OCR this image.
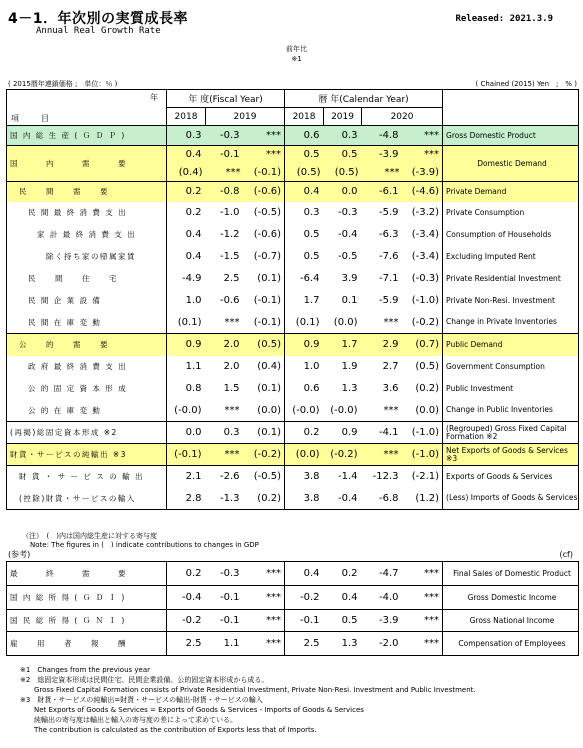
4－1．年次別の実質成長率
Annual Real Growth Rate
Released: 2021.3.9
前年比
※1
( 2015暦年連鎖価格 ;　単位：％ )	( Chained (2015) Yen　;　% )
年
項　　目	年 度(Fiscal Year)			暦 年(Calendar Year)				
	2018	2019		2018	2019	2020		
国 内 総 生 産 ( Ｇ Ｄ Ｐ )	0.3	-0.3	***	0.6	0.3	-4.8	***	Gross Domestic Product
国　　　内　　　需　　　要	0.4	-0.1	***	0.5	0.5	-3.9	***	Domestic Demand
	(0.4)	***	(-0.1)	(0.5)	(0.5)	***	(-3.9)	
民　　間　　需　　要	0.2	-0.8	(-0.6)	0.4	0.0	-6.1	(-4.6)	Private Demand
民 間 最 終 消 費 支 出	0.2	-1.0	(-0.5)	0.3	-0.3	-5.9	(-3.2)	Private Consumption
家 計 最 終 消 費 支 出	0.4	-1.2	(-0.6)	0.5	-0.4	-6.3	(-3.4)	Consumption of Households
除く持ち家の帰属家賃	0.4	-1.5	(-0.7)	0.5	-0.5	-7.6	(-3.4)	Excluding Imputed Rent
民　　間　　住　　宅	-4.9	2.5	(0.1)	-6.4	3.9	-7.1	(-0.3)	Private Residential Investment
民 間 企 業 設 備	1.0	-0.6	(-0.1)	1.7	0.1	-5.9	(-1.0)	Private Non-Resi. Investment
民 間 在 庫 変 動	(0.1)	***	(-0.1)	(0.1)	(0.0)	***	(-0.2)	Change in Private Inventories
公　　的　　需　　要	0.9	2.0	(0.5)	0.9	1.7	2.9	(0.7)	Public Demand
政 府 最 終 消 費 支 出	1.1	2.0	(0.4)	1.0	1.9	2.7	(0.5)	Government Consumption
公 的 固 定 資 本 形 成	0.8	1.5	(0.1)	0.6	1.3	3.6	(0.2)	Public Investment
公 的 在 庫 変 動	(-0.0)	***	(0.0)	(-0.0)	(-0.0)	***	(0.0)	Change in Public Inventories
(再掲)総固定資本形成 ※2	0.0	0.3	(0.1)	0.2	0.9	-4.1	(-1.0)	(Regrouped) Gross Fixed Capital Formation ※2
財貨・サービスの純輸出 ※3	(-0.1)	***	(-0.2)	(0.0)	(-0.2)	***	(-1.0)	Net Exports of Goods & Services ※3
財 貨 ・ サ ー ビ ス の 輸 出	2.1	-2.6	(-0.5)	3.8	-1.4	-12.3	(-2.1)	Exports of Goods & Services
(控除)財貨・サービスの輸入	2.8	-1.3	(0.2)	3.8	-0.4	-6.8	(1.2)	(Less) Imports of Goods & Services
（注）　(　)内は国内総生産に対する寄与度
Note: The figures in (　) indicate contributions to changes in GDP
(参考)	(cf)
最　　　終　　　需　　　要	0.2	-0.3	***	0.4	0.2	-4.7	***	Final Sales of Domestic Product
国 内 総 所 得 ( Ｇ Ｄ Ｉ )	-0.4	-0.1	***	-0.2	0.4	-4.0	***	Gross Domestic Income
国 民 総 所 得 ( Ｇ Ｎ Ｉ )	-0.2	-0.1	***	-0.1	0.5	-3.9	***	Gross National Income
雇　　用　　者　　報　　酬	2.5	1.1	***	2.5	1.3	-2.0	***	Compensation of Employees
※1　Changes from the previous year
※2　総固定資本形成は民間住宅、民間企業設備、公的固定資本形成から成る。
　　Gross Fixed Capital Formation consists of Private Residential Investment, Private Non-Resi. Investment and Public Investment.
※3　財貨・サービスの純輸出=財貨・サービスの輸出-財貨・サービスの輸入
　　Net Exports of Goods & Services = Exports of Goods & Services - Imports of Goods & Services
　　純輸出の寄与度は輸出と輸入の寄与度の差によって求めている。
　　The contribution is calculated as the contribution of Exports less that of Imports.
